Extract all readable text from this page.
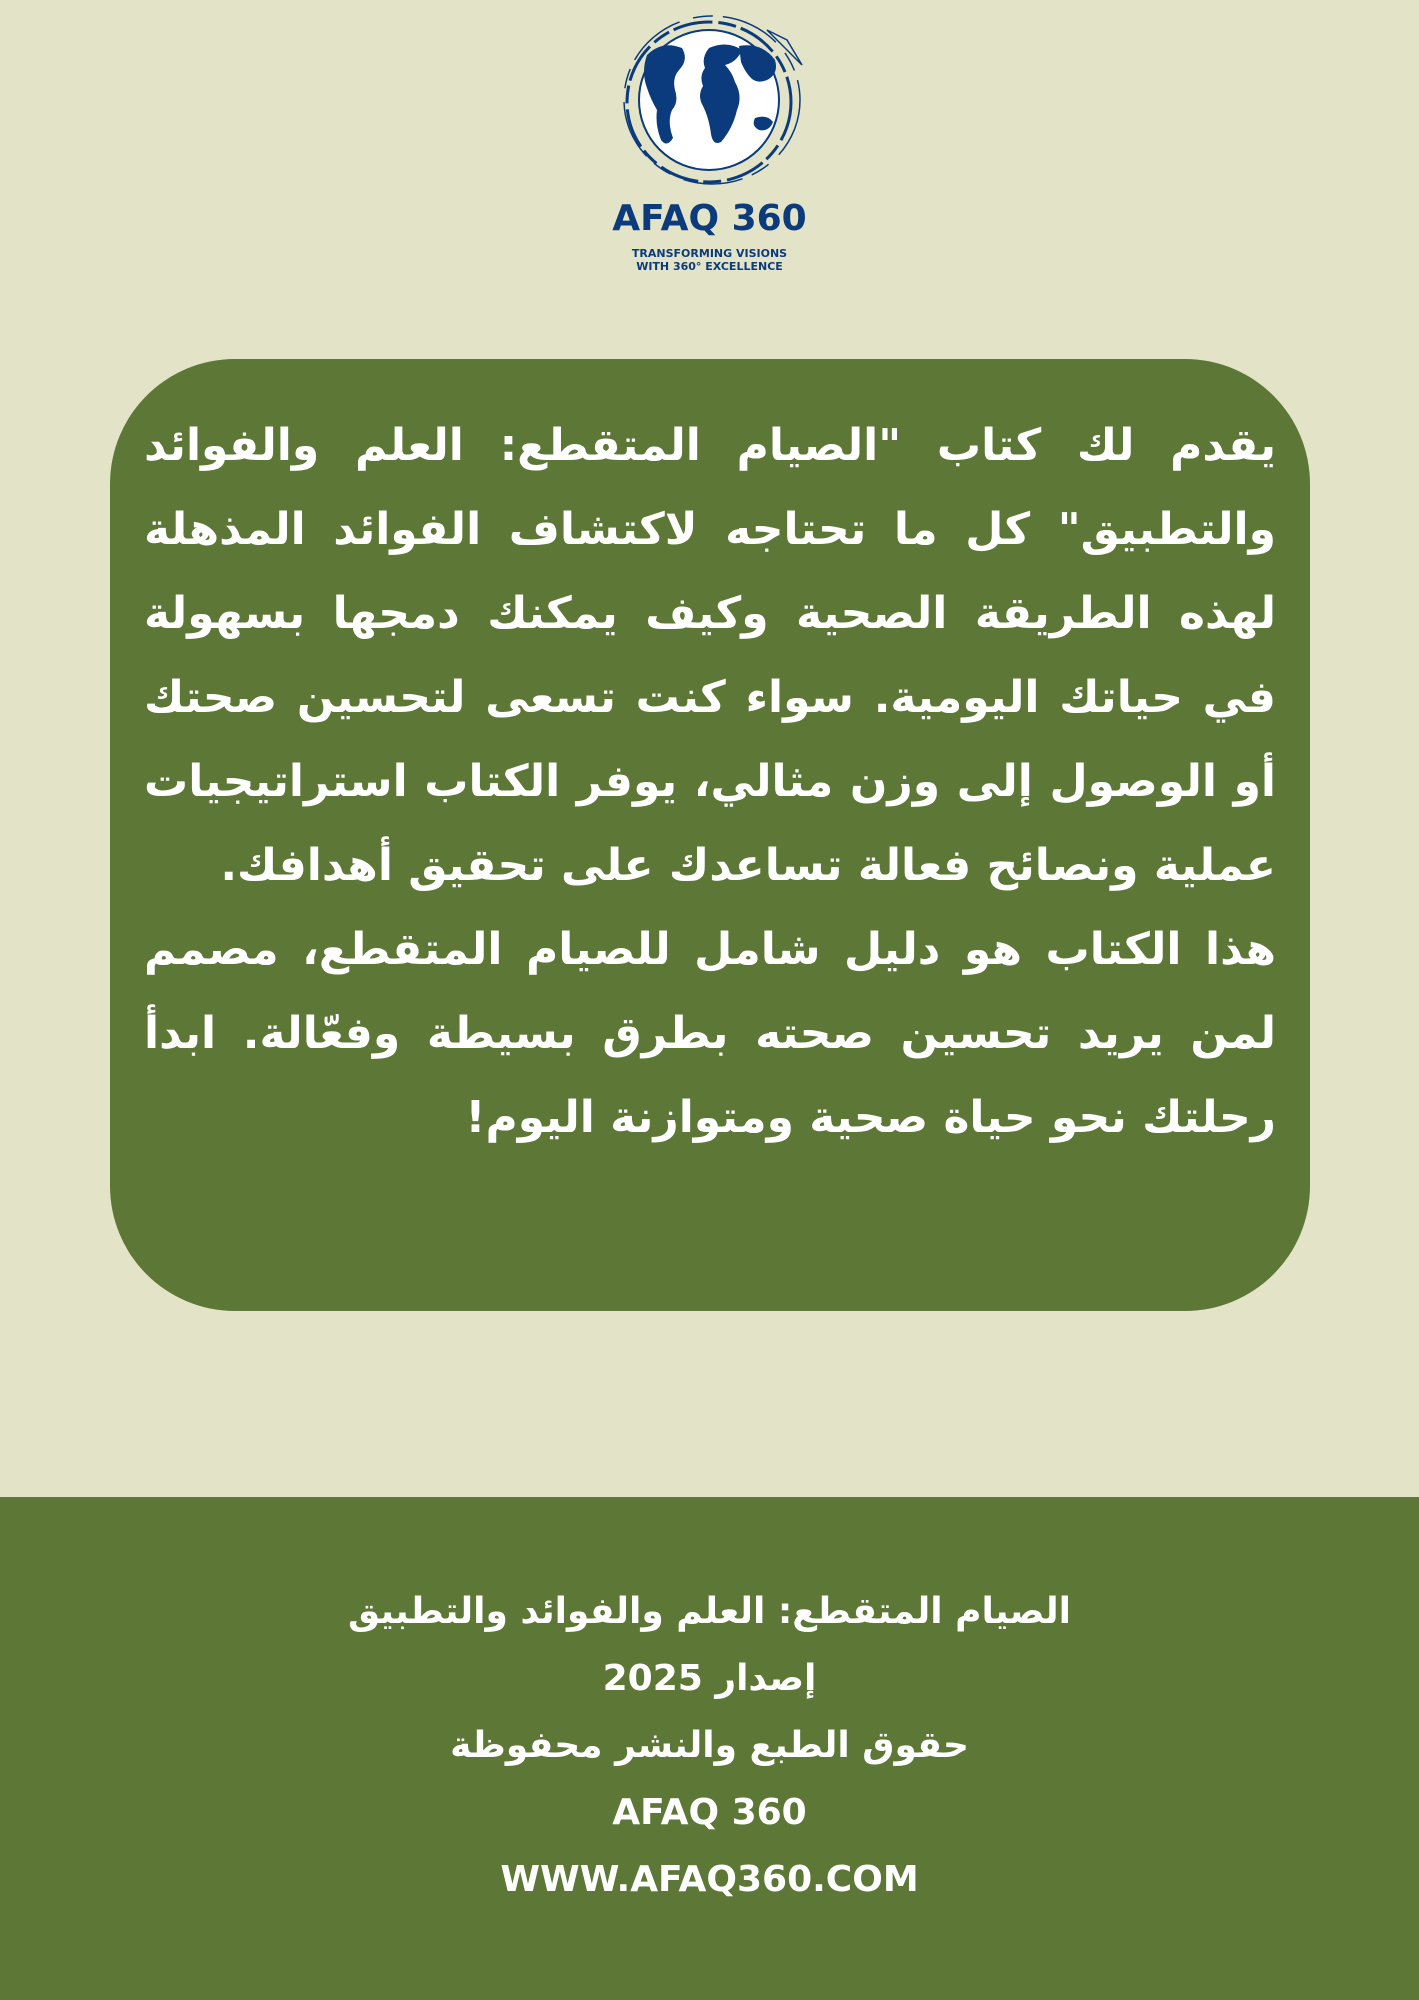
AFAQ 360
TRANSFORMING VISIONS
WITH 360° EXCELLENCE

يقدم لك كتاب "الصيام المتقطع: العلم والفوائد والتطبيق" كل ما تحتاجه لاكتشاف الفوائد المذهلة لهذه الطريقة الصحية وكيف يمكنك دمجها بسهولة في حياتك اليومية. سواء كنت تسعى لتحسين صحتك أو الوصول إلى وزن مثالي، يوفر الكتاب استراتيجيات عملية ونصائح فعالة تساعدك على تحقيق أهدافك.

هذا الكتاب هو دليل شامل للصيام المتقطع، مصمم لمن يريد تحسين صحته بطرق بسيطة وفعّالة. ابدأ رحلتك نحو حياة صحية ومتوازنة اليوم!

الصيام المتقطع: العلم والفوائد والتطبيق
إصدار 2025
حقوق الطبع والنشر محفوظة
AFAQ 360
WWW.AFAQ360.COM
